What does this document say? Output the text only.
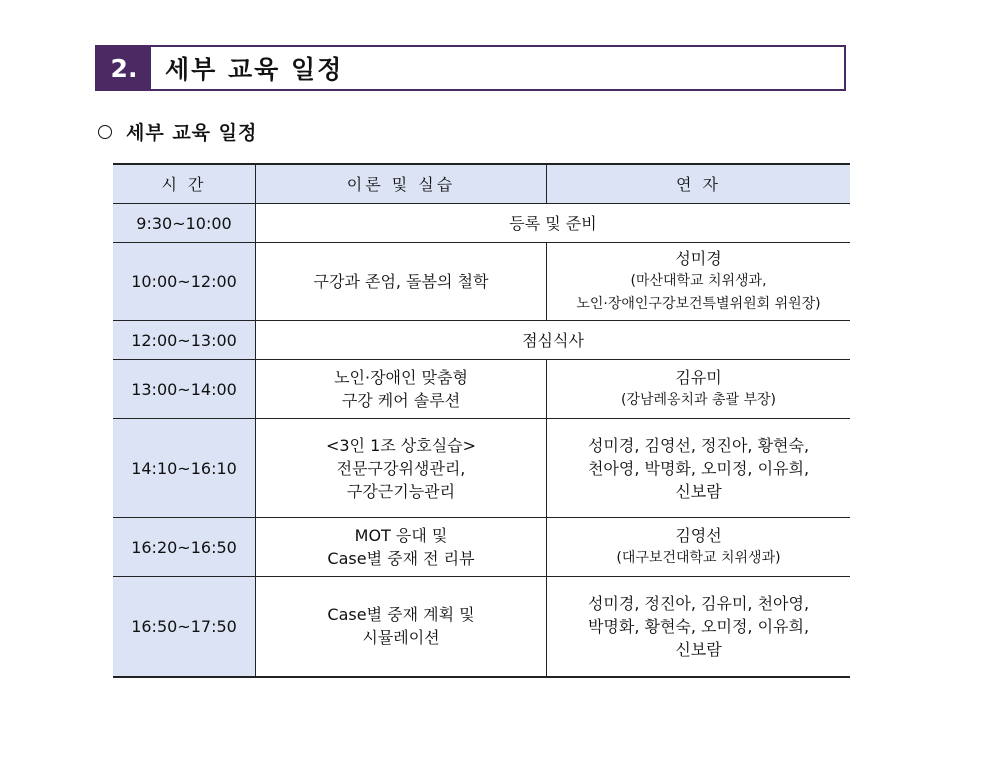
2.	세부 교육 일정
세부 교육 일정
시 간	이론 및 실습	연 자
9:30~10:00	등록 및 준비	
10:00~12:00	구강과 존엄, 돌봄의 철학	성미경
(마산대학교 치위생과,
노인·장애인구강보건특별위원회 위원장)

12:00~13:00	점심식사	
13:00~14:00	노인·장애인 맞춤형
구강 케어 솔루션	김유미
(강남레옹치과 총괄 부장)

14:10~16:10	<3인 1조 상호실습>
전문구강위생관리,
구강근기능관리	성미경, 김영선, 정진아, 황현숙,
천아영, 박명화, 오미정, 이유희,
신보람

16:20~16:50	MOT 응대 및
Case별 중재 전 리뷰	김영선
(대구보건대학교 치위생과)

16:50~17:50	Case별 중재 계획 및
시뮬레이션	성미경, 정진아, 김유미, 천아영,
박명화, 황현숙, 오미정, 이유희,
신보람
